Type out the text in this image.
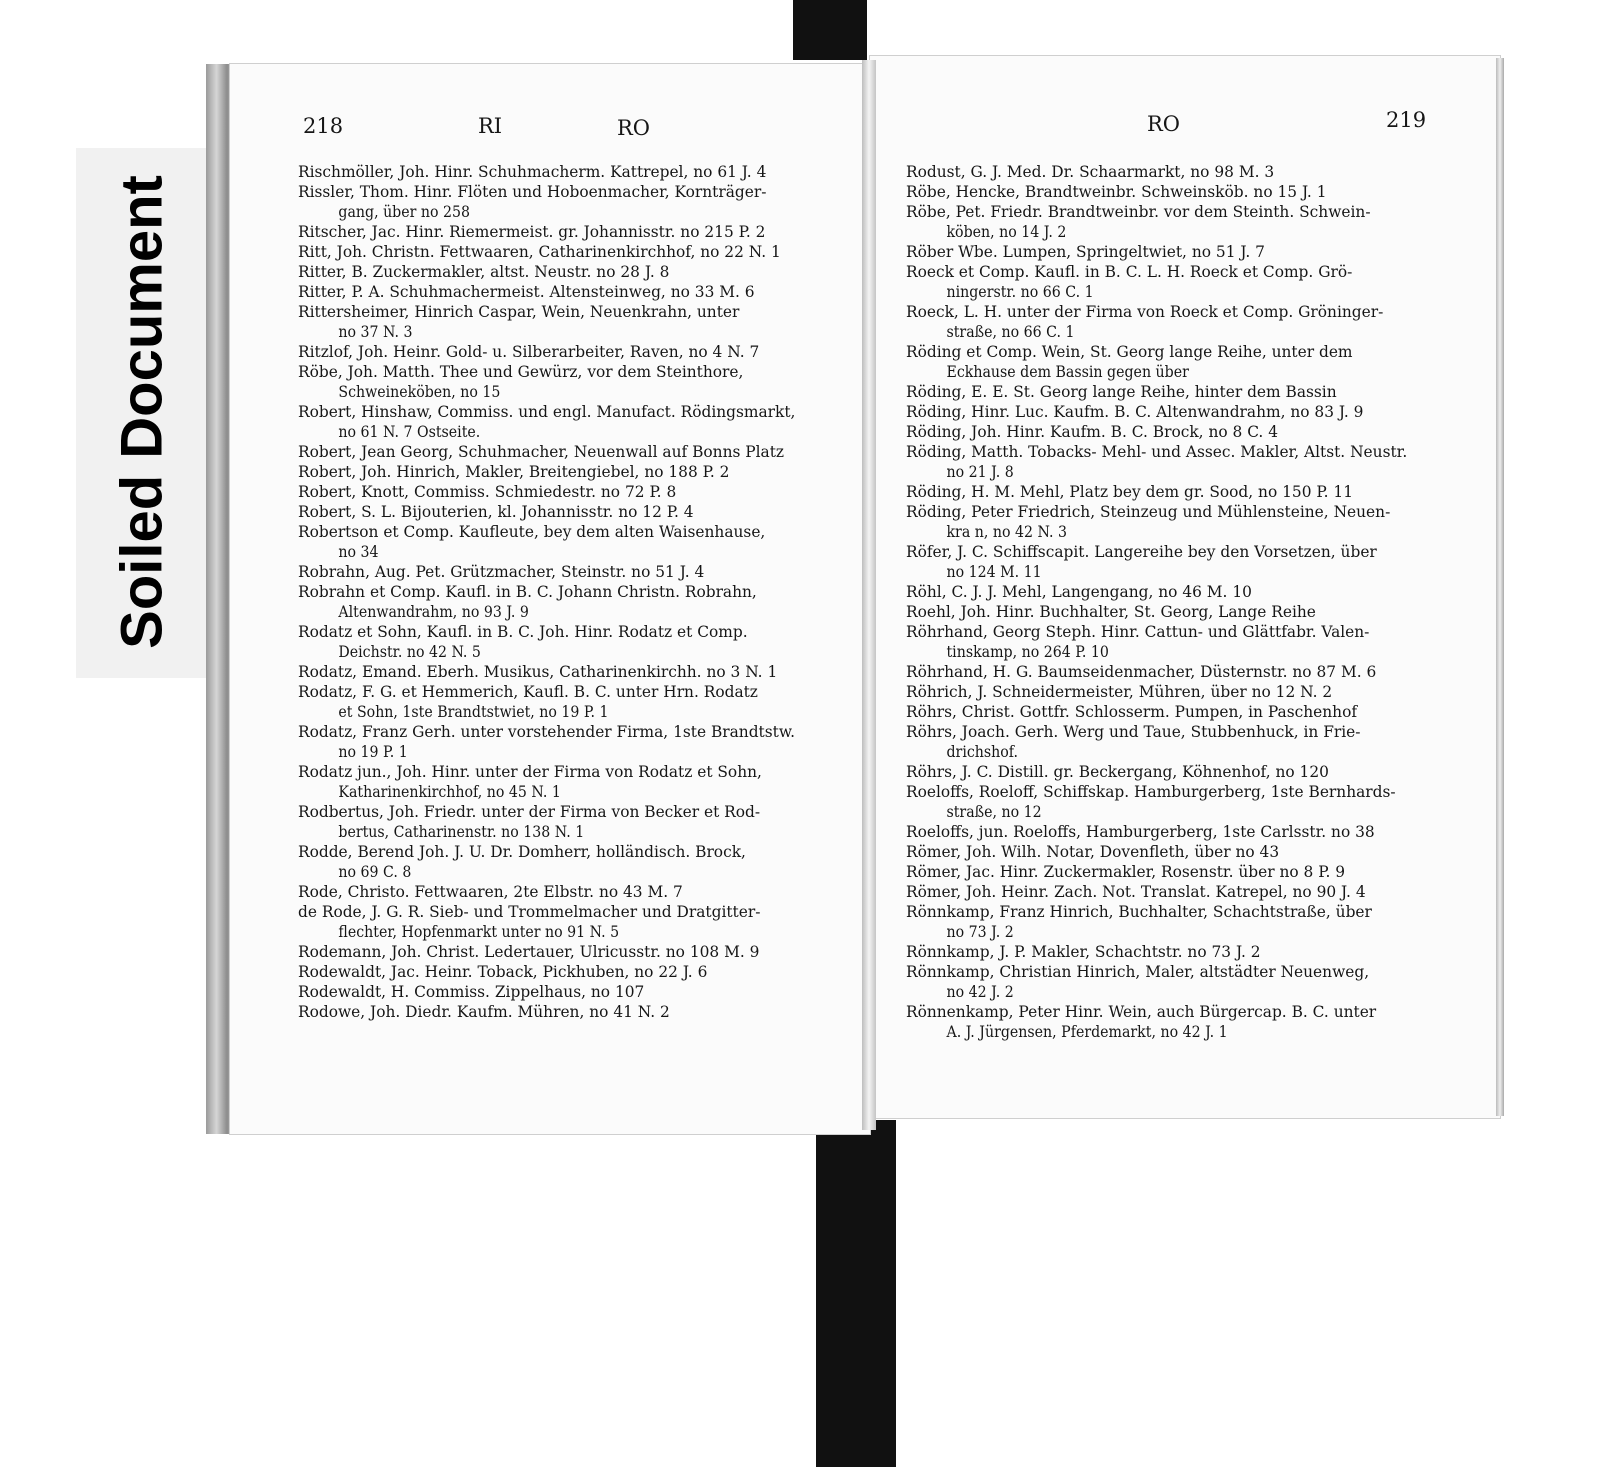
Soiled Document
218	RI	RO	RO	219
Rischmöller, Joh. Hinr. Schuhmacherm. Kattrepel, no 61 J. 4
Rissler, Thom. Hinr. Flöten und Hoboenmacher, Kornträger-
gang, über no 258
Ritscher, Jac. Hinr. Riemermeist. gr. Johannisstr. no 215 P. 2
Ritt, Joh. Christn. Fettwaaren, Catharinenkirchhof, no 22 N. 1
Ritter, B. Zuckermakler, altst. Neustr. no 28 J. 8
Ritter, P. A. Schuhmachermeist. Altensteinweg, no 33 M. 6
Rittersheimer, Hinrich Caspar, Wein, Neuenkrahn, unter
no 37 N. 3
Ritzlof, Joh. Heinr. Gold- u. Silberarbeiter, Raven, no 4 N. 7
Röbe, Joh. Matth. Thee und Gewürz, vor dem Steinthore,
Schweineköben, no 15
Robert, Hinshaw, Commiss. und engl. Manufact. Rödingsmarkt,
no 61 N. 7 Ostseite.
Robert, Jean Georg, Schuhmacher, Neuenwall auf Bonns Platz
Robert, Joh. Hinrich, Makler, Breitengiebel, no 188 P. 2
Robert, Knott, Commiss. Schmiedestr. no 72 P. 8
Robert, S. L. Bijouterien, kl. Johannisstr. no 12 P. 4
Robertson et Comp. Kaufleute, bey dem alten Waisenhause,
no 34
Robrahn, Aug. Pet. Grützmacher, Steinstr. no 51 J. 4
Robrahn et Comp. Kaufl. in B. C. Johann Christn. Robrahn,
Altenwandrahm, no 93 J. 9
Rodatz et Sohn, Kaufl. in B. C. Joh. Hinr. Rodatz et Comp.
Deichstr. no 42 N. 5
Rodatz, Emand. Eberh. Musikus, Catharinenkirchh. no 3 N. 1
Rodatz, F. G. et Hemmerich, Kaufl. B. C. unter Hrn. Rodatz
et Sohn, 1ste Brandtstwiet, no 19 P. 1
Rodatz, Franz Gerh. unter vorstehender Firma, 1ste Brandtstw.
no 19 P. 1
Rodatz jun., Joh. Hinr. unter der Firma von Rodatz et Sohn,
Katharinenkirchhof, no 45 N. 1
Rodbertus, Joh. Friedr. unter der Firma von Becker et Rod-
bertus, Catharinenstr. no 138 N. 1
Rodde, Berend Joh. J. U. Dr. Domherr, holländisch. Brock,
no 69 C. 8
Rode, Christo. Fettwaaren, 2te Elbstr. no 43 M. 7
de Rode, J. G. R. Sieb- und Trommelmacher und Dratgitter-
flechter, Hopfenmarkt unter no 91 N. 5
Rodemann, Joh. Christ. Ledertauer, Ulricusstr. no 108 M. 9
Rodewaldt, Jac. Heinr. Toback, Pickhuben, no 22 J. 6
Rodewaldt, H. Commiss. Zippelhaus, no 107
Rodowe, Joh. Diedr. Kaufm. Mühren, no 41 N. 2
Rodust, G. J. Med. Dr. Schaarmarkt, no 98 M. 3
Röbe, Hencke, Brandtweinbr. Schweinsköb. no 15 J. 1
Röbe, Pet. Friedr. Brandtweinbr. vor dem Steinth. Schwein-
köben, no 14 J. 2
Röber Wbe. Lumpen, Springeltwiet, no 51 J. 7
Roeck et Comp. Kaufl. in B. C. L. H. Roeck et Comp. Grö-
ningerstr. no 66 C. 1
Roeck, L. H. unter der Firma von Roeck et Comp. Gröninger-
straße, no 66 C. 1
Röding et Comp. Wein, St. Georg lange Reihe, unter dem
Eckhause dem Bassin gegen über
Röding, E. E. St. Georg lange Reihe, hinter dem Bassin
Röding, Hinr. Luc. Kaufm. B. C. Altenwandrahm, no 83 J. 9
Röding, Joh. Hinr. Kaufm. B. C. Brock, no 8 C. 4
Röding, Matth. Tobacks- Mehl- und Assec. Makler, Altst. Neustr.
no 21 J. 8
Röding, H. M. Mehl, Platz bey dem gr. Sood, no 150 P. 11
Röding, Peter Friedrich, Steinzeug und Mühlensteine, Neuen-
kra n, no 42 N. 3
Röfer, J. C. Schiffscapit. Langereihe bey den Vorsetzen, über
no 124 M. 11
Röhl, C. J. J. Mehl, Langengang, no 46 M. 10
Roehl, Joh. Hinr. Buchhalter, St. Georg, Lange Reihe
Röhrhand, Georg Steph. Hinr. Cattun- und Glättfabr. Valen-
tinskamp, no 264 P. 10
Röhrhand, H. G. Baumseidenmacher, Düsternstr. no 87 M. 6
Röhrich, J. Schneidermeister, Mühren, über no 12 N. 2
Röhrs, Christ. Gottfr. Schlosserm. Pumpen, in Paschenhof
Röhrs, Joach. Gerh. Werg und Taue, Stubbenhuck, in Frie-
drichshof.
Röhrs, J. C. Distill. gr. Beckergang, Köhnenhof, no 120
Roeloffs, Roeloff, Schiffskap. Hamburgerberg, 1ste Bernhards-
straße, no 12
Roeloffs, jun. Roeloffs, Hamburgerberg, 1ste Carlsstr. no 38
Römer, Joh. Wilh. Notar, Dovenfleth, über no 43
Römer, Jac. Hinr. Zuckermakler, Rosenstr. über no 8 P. 9
Römer, Joh. Heinr. Zach. Not. Translat. Katrepel, no 90 J. 4
Rönnkamp, Franz Hinrich, Buchhalter, Schachtstraße, über
no 73 J. 2
Rönnkamp, J. P. Makler, Schachtstr. no 73 J. 2
Rönnkamp, Christian Hinrich, Maler, altstädter Neuenweg,
no 42 J. 2
Rönnenkamp, Peter Hinr. Wein, auch Bürgercap. B. C. unter
A. J. Jürgensen, Pferdemarkt, no 42 J. 1
